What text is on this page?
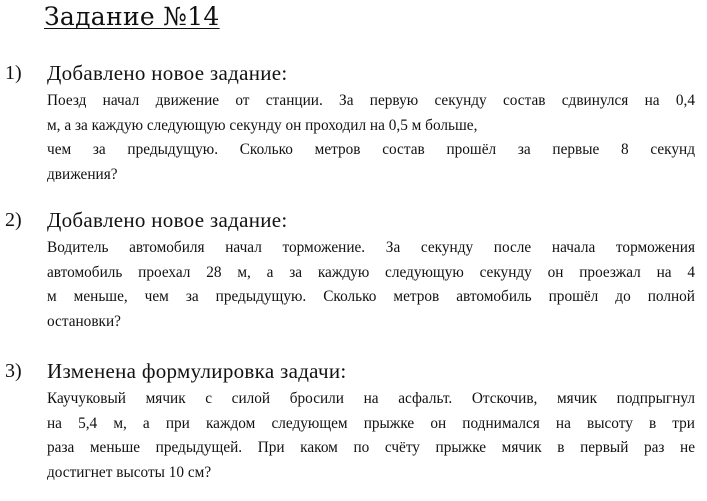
Задание №14
1) Добавлено новое задание:
Поезд начал движение от станции. За первую секунду состав сдвинулся на 0,4
м, а за каждую следующую секунду он проходил на 0,5 м больше,
чем за предыдущую. Сколько метров состав прошёл за первые 8 секунд
движения?
2) Добавлено новое задание:
Водитель автомобиля начал торможение. За секунду после начала торможения
автомобиль проехал 28 м, а за каждую следующую секунду он проезжал на 4
м меньше, чем за предыдущую. Сколько метров автомобиль прошёл до полной
остановки?
3) Изменена формулировка задачи:
Каучуковый мячик с силой бросили на асфальт. Отскочив, мячик подпрыгнул
на 5,4 м, а при каждом следующем прыжке он поднимался на высоту в три
раза меньше предыдущей. При каком по счёту прыжке мячик в первый раз не
достигнет высоты 10 см?
